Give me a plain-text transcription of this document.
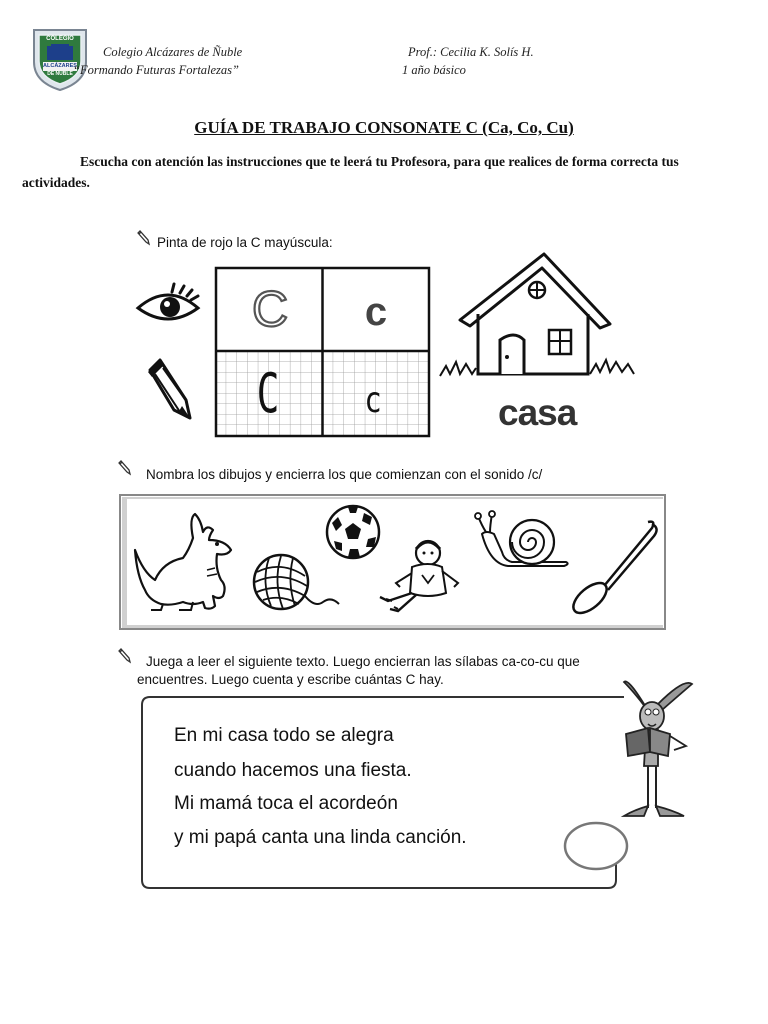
COLEGIO
ALCÁZARES
DE ÑUBLE
Colegio Alcázares de Ñuble
“Formando Futuras Fortalezas”
Prof.: Cecilia K. Solís H.
1 año básico
GUÍA DE TRABAJO CONSONATE C (Ca, Co, Cu)
Escucha con atención las instrucciones que te leerá tu Profesora, para que realices de forma correcta tus actividades.
Pinta de rojo la C mayúscula:
C	c
C	c	casa
Nombra los dibujos y encierra los que comienzan con el sonido /c/
Juega a leer el siguiente texto. Luego encierran las sílabas ca-co-cu que
encuentres. Luego cuenta y escribe cuántas C hay.
En mi casa todo se alegra
cuando hacemos una fiesta.
Mi mamá toca el acordeón
y mi papá canta una linda canción.
